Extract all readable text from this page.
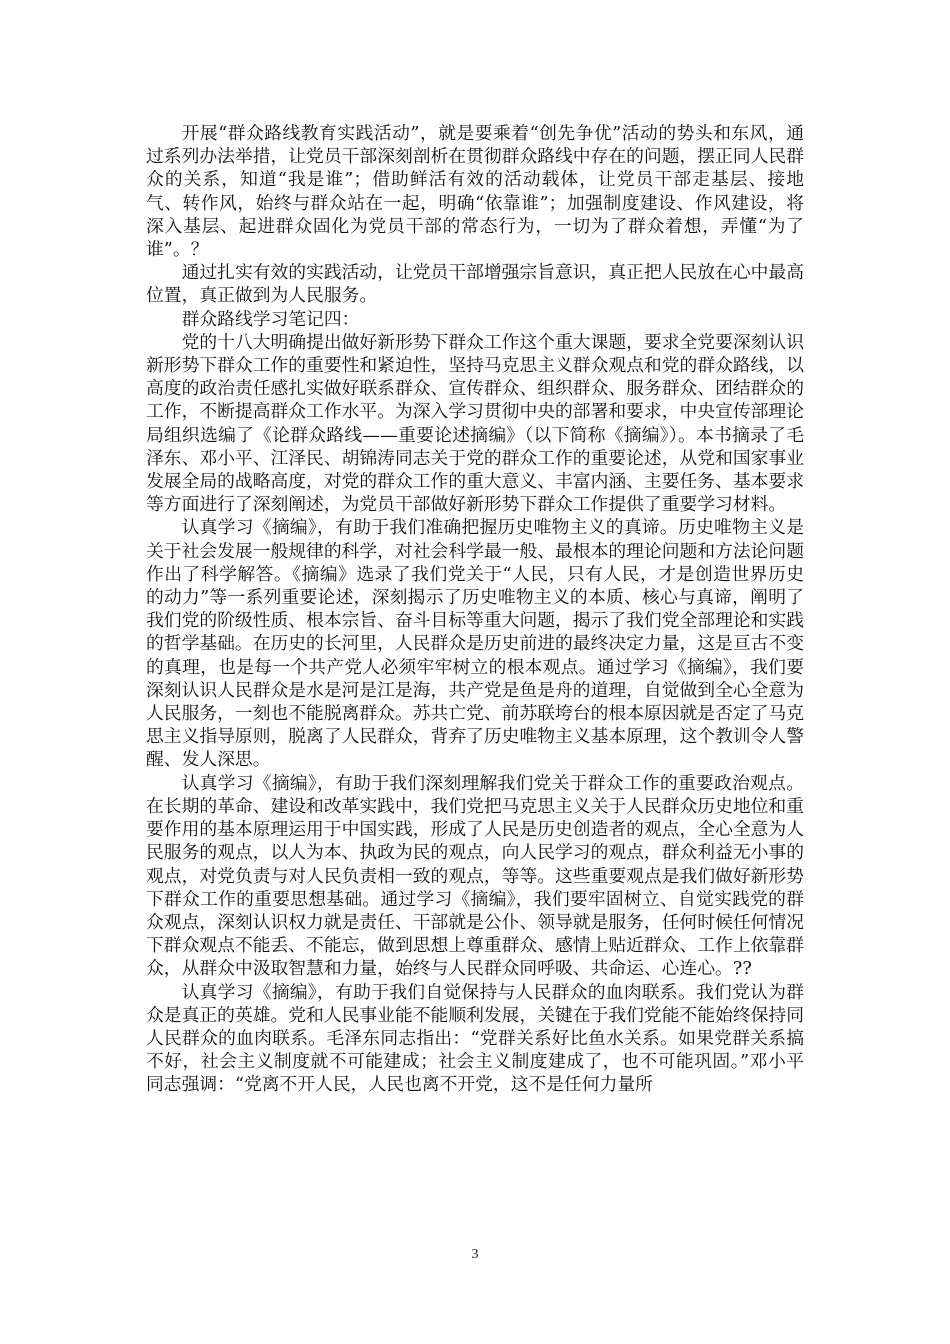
开展“群众路线教育实践活动”，就是要乘着“创先争优”活动的势头和东风，通过系列办法举措，让党员干部深刻剖析在贯彻群众路线中存在的问题，摆正同人民群众的关系，知道“我是谁”；借助鲜活有效的活动载体，让党员干部走基层、接地气、转作风，始终与群众站在一起，明确“依靠谁”；加强制度建设、作风建设，将深入基层、起进群众固化为党员干部的常态行为，一切为了群众着想，弄懂“为了谁”。？

通过扎实有效的实践活动，让党员干部增强宗旨意识，真正把人民放在心中最高位置，真正做到为人民服务。

群众路线学习笔记四：

党的十八大明确提出做好新形势下群众工作这个重大课题，要求全党要深刻认识新形势下群众工作的重要性和紧迫性，坚持马克思主义群众观点和党的群众路线，以高度的政治责任感扎实做好联系群众、宣传群众、组织群众、服务群众、团结群众的工作，不断提高群众工作水平。为深入学习贯彻中央的部署和要求，中央宣传部理论局组织选编了《论群众路线——重要论述摘编》（以下简称《摘编》）。本书摘录了毛泽东、邓小平、江泽民、胡锦涛同志关于党的群众工作的重要论述，从党和国家事业发展全局的战略高度，对党的群众工作的重大意义、丰富内涵、主要任务、基本要求等方面进行了深刻阐述，为党员干部做好新形势下群众工作提供了重要学习材料。

认真学习《摘编》，有助于我们准确把握历史唯物主义的真谛。历史唯物主义是关于社会发展一般规律的科学，对社会科学最一般、最根本的理论问题和方法论问题作出了科学解答。《摘编》选录了我们党关于“人民，只有人民，才是创造世界历史的动力”等一系列重要论述，深刻揭示了历史唯物主义的本质、核心与真谛，阐明了我们党的阶级性质、根本宗旨、奋斗目标等重大问题，揭示了我们党全部理论和实践的哲学基础。在历史的长河里，人民群众是历史前进的最终决定力量，这是亘古不变的真理，也是每一个共产党人必须牢牢树立的根本观点。通过学习《摘编》，我们要深刻认识人民群众是水是河是江是海，共产党是鱼是舟的道理，自觉做到全心全意为人民服务，一刻也不能脱离群众。苏共亡党、前苏联垮台的根本原因就是否定了马克思主义指导原则，脱离了人民群众，背弃了历史唯物主义基本原理，这个教训令人警醒、发人深思。

认真学习《摘编》，有助于我们深刻理解我们党关于群众工作的重要政治观点。在长期的革命、建设和改革实践中，我们党把马克思主义关于人民群众历史地位和重要作用的基本原理运用于中国实践，形成了人民是历史创造者的观点，全心全意为人民服务的观点，以人为本、执政为民的观点，向人民学习的观点，群众利益无小事的观点，对党负责与对人民负责相一致的观点，等等。这些重要观点是我们做好新形势下群众工作的重要思想基础。通过学习《摘编》，我们要牢固树立、自觉实践党的群众观点，深刻认识权力就是责任、干部就是公仆、领导就是服务，任何时候任何情况下群众观点不能丢、不能忘，做到思想上尊重群众、感情上贴近群众、工作上依靠群众，从群众中汲取智慧和力量，始终与人民群众同呼吸、共命运、心连心。??

认真学习《摘编》，有助于我们自觉保持与人民群众的血肉联系。我们党认为群众是真正的英雄。党和人民事业能不能顺利发展，关键在于我们党能不能始终保持同人民群众的血肉联系。毛泽东同志指出：“党群关系好比鱼水关系。如果党群关系搞不好，社会主义制度就不可能建成；社会主义制度建成了，也不可能巩固。”邓小平同志强调：“党离不开人民，人民也离不开党，这不是任何力量所

3
